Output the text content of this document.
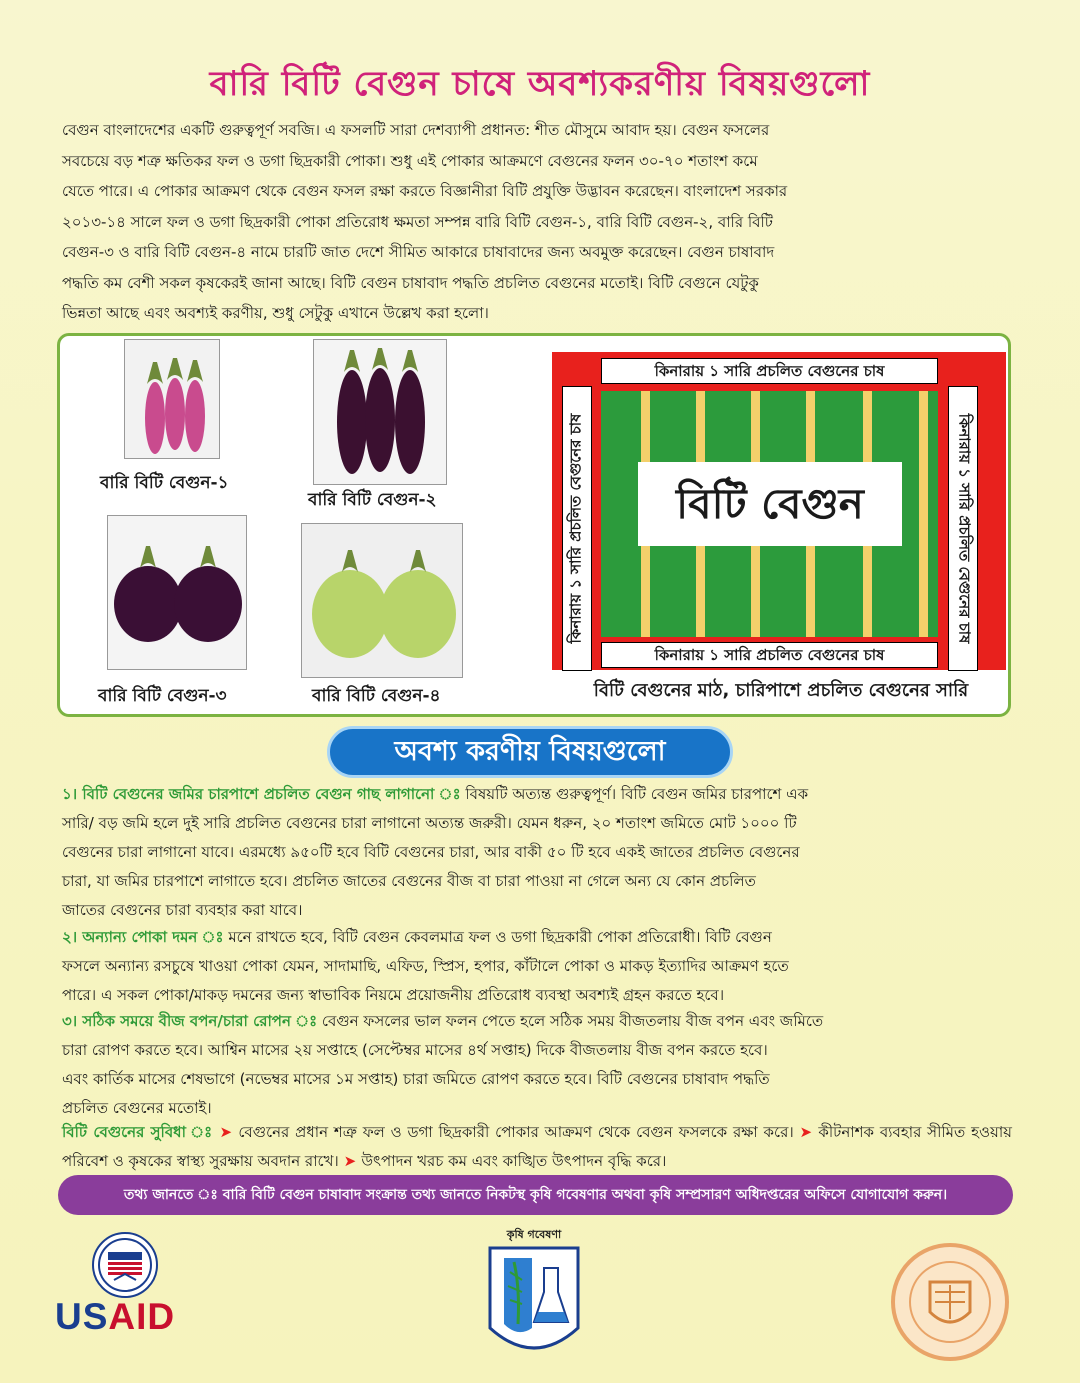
বারি বিটি বেগুন চাষে অবশ্যকরণীয় বিষয়গুলো
বেগুন বাংলাদেশের একটি গুরুত্বপূর্ণ সবজি। এ ফসলটি সারা দেশব্যাপী প্রধানত: শীত মৌসুমে আবাদ হয়। বেগুন ফসলের
সবচেয়ে বড় শত্রু ক্ষতিকর ফল ও ডগা ছিদ্রকারী পোকা। শুধু এই পোকার আক্রমণে বেগুনের ফলন ৩০-৭০ শতাংশ কমে
যেতে পারে। এ পোকার আক্রমণ থেকে বেগুন ফসল রক্ষা করতে বিজ্ঞানীরা বিটি প্রযুক্তি উদ্ভাবন করেছেন। বাংলাদেশ সরকার
২০১৩-১৪ সালে ফল ও ডগা ছিদ্রকারী পোকা প্রতিরোধ ক্ষমতা সম্পন্ন বারি বিটি বেগুন-১, বারি বিটি বেগুন-২, বারি বিটি
বেগুন-৩ ও বারি বিটি বেগুন-৪ নামে চারটি জাত দেশে সীমিত আকারে চাষাবাদের জন্য অবমুক্ত করেছেন। বেগুন চাষাবাদ
পদ্ধতি কম বেশী সকল কৃষকেরই জানা আছে। বিটি বেগুন চাষাবাদ পদ্ধতি প্রচলিত বেগুনের মতোই। বিটি বেগুনে যেটুকু
ভিন্নতা আছে এবং অবশ্যই করণীয়, শুধু সেটুকু এখানে উল্লেখ করা হলো।
বারি বিটি বেগুন-১
বারি বিটি বেগুন-২
বারি বিটি বেগুন-৩	বারি বিটি বেগুন-৪
কিনারায় ১ সারি প্রচলিত বেগুনের চাষ
কিনারায় ১ সারি প্রচলিত বেগুনের চাষ
কিনারায় ১ সারি প্রচলিত বেগুনের চাষ	কিনারায় ১ সারি প্রচলিত বেগুনের চাষ
বিটি বেগুন
বিটি বেগুনের মাঠ, চারিপাশে প্রচলিত বেগুনের সারি
অবশ্য করণীয় বিষয়গুলো
১। বিটি বেগুনের জমির চারপাশে প্রচলিত বেগুন গাছ লাগানো ঃ বিষয়টি অত্যন্ত গুরুত্বপূর্ণ। বিটি বেগুন জমির চারপাশে এক
সারি/ বড় জমি হলে দুই সারি প্রচলিত বেগুনের চারা লাগানো অত্যন্ত জরুরী। যেমন ধরুন, ২০ শতাংশ জমিতে মোট ১০০০ টি
বেগুনের চারা লাগানো যাবে। এরমধ্যে ৯৫০টি হবে বিটি বেগুনের চারা, আর বাকী ৫০ টি হবে একই জাতের প্রচলিত বেগুনের
চারা, যা জমির চারপাশে লাগাতে হবে। প্রচলিত জাতের বেগুনের বীজ বা চারা পাওয়া না গেলে অন্য যে কোন প্রচলিত
জাতের বেগুনের চারা ব্যবহার করা যাবে।
২। অন্যান্য পোকা দমন ঃ মনে রাখতে হবে, বিটি বেগুন কেবলমাত্র ফল ও ডগা ছিদ্রকারী পোকা প্রতিরোধী। বিটি বেগুন
ফসলে অন্যান্য রসচুষে খাওয়া পোকা যেমন, সাদামাছি, এফিড, স্প্রিস, হপার, কাঁটালে পোকা ও মাকড় ইত্যাদির আক্রমণ হতে
পারে। এ সকল পোকা/মাকড় দমনের জন্য স্বাভাবিক নিয়মে প্রয়োজনীয় প্রতিরোধ ব্যবস্থা অবশ্যই গ্রহন করতে হবে।
৩। সঠিক সময়ে বীজ বপন/চারা রোপন ঃ বেগুন ফসলের ভাল ফলন পেতে হলে সঠিক সময় বীজতলায় বীজ বপন এবং জমিতে
চারা রোপণ করতে হবে। আশ্বিন মাসের ২য় সপ্তাহে (সেপ্টেম্বর মাসের ৪র্থ সপ্তাহ) দিকে বীজতলায় বীজ বপন করতে হবে।
এবং কার্তিক মাসের শেষভাগে (নভেম্বর মাসের ১ম সপ্তাহ) চারা জমিতে রোপণ করতে হবে। বিটি বেগুনের চাষাবাদ পদ্ধতি
প্রচলিত বেগুনের মতোই।
বিটি বেগুনের সুবিধা ঃ ➤ বেগুনের প্রধান শত্রু ফল ও ডগা ছিদ্রকারী পোকার আক্রমণ থেকে বেগুন ফসলকে রক্ষা করে। ➤ কীটনাশক ব্যবহার সীমিত হওয়ায় পরিবেশ ও কৃষকের স্বাস্থ্য সুরক্ষায় অবদান রাখে। ➤ উৎপাদন খরচ কম এবং কাঙ্খিত উৎপাদন বৃদ্ধি করে।
তথ্য জানতে ঃ বারি বিটি বেগুন চাষাবাদ সংক্রান্ত তথ্য জানতে নিকটস্থ কৃষি গবেষণার অথবা কৃষি সম্প্রসারণ অধিদপ্তরের অফিসে যোগাযোগ করুন।
USAID
কৃষি গবেষণা
